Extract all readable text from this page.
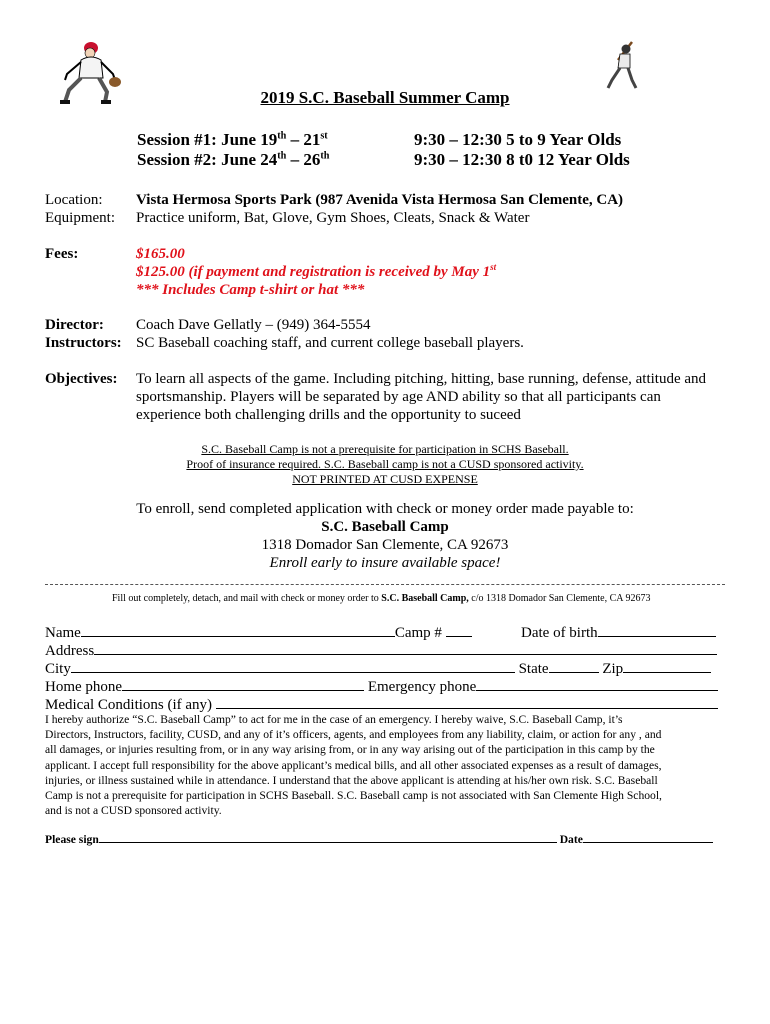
2019 S.C. Baseball Summer Camp
Session #1: June 19th – 21st	9:30 – 12:30 5 to 9 Year Olds
Session #2: June 24th – 26th	9:30 – 12:30 8 t0 12 Year Olds
Location: Vista Hermosa Sports Park (987 Avenida Vista Hermosa San Clemente, CA)
Equipment: Practice uniform, Bat, Glove, Gym Shoes, Cleats, Snack & Water
Fees:	$165.00
$125.00 (if payment and registration is received by May 1st
*** Includes Camp t-shirt or hat ***
Director: Coach Dave Gellatly – (949) 364-5554
Instructors: SC Baseball coaching staff, and current college baseball players.
Objectives: To learn all aspects of the game. Including pitching, hitting, base running, defense, attitude and
sportsmanship. Players will be separated by age AND ability so that all participants can
experience both challenging drills and the opportunity to suceed
S.C. Baseball Camp is not a prerequisite for participation in SCHS Baseball.
Proof of insurance required. S.C. Baseball camp is not a CUSD sponsored activity.
NOT PRINTED AT CUSD EXPENSE
To enroll, send completed application with check or money order made payable to:
S.C. Baseball Camp
1318 Domador San Clemente, CA 92673
Enroll early to insure available space!
Fill out completely, detach, and mail with check or money order to S.C. Baseball Camp, c/o 1318 Domador San Clemente, CA 92673
Name	Camp #	Date of birth
Address
City	State	Zip
Home phone	Emergency phone
Medical Conditions (if any)
I hereby authorize “S.C. Baseball Camp” to act for me in the case of an emergency. I hereby waive, S.C. Baseball Camp, it’s
Directors, Instructors, facility, CUSD, and any of it’s officers, agents, and employees from any liability, claim, or action for any , and
all damages, or injuries resulting from, or in any way arising from, or in any way arising out of the participation in this camp by the
applicant. I accept full responsibility for the above applicant’s medical bills, and all other associated expenses as a result of damages,
injuries, or illness sustained while in attendance. I understand that the above applicant is attending at his/her own risk. S.C. Baseball
Camp is not a prerequisite for participation in SCHS Baseball. S.C. Baseball camp is not associated with San Clemente High School,
and is not a CUSD sponsored activity.
Please sign	Date
